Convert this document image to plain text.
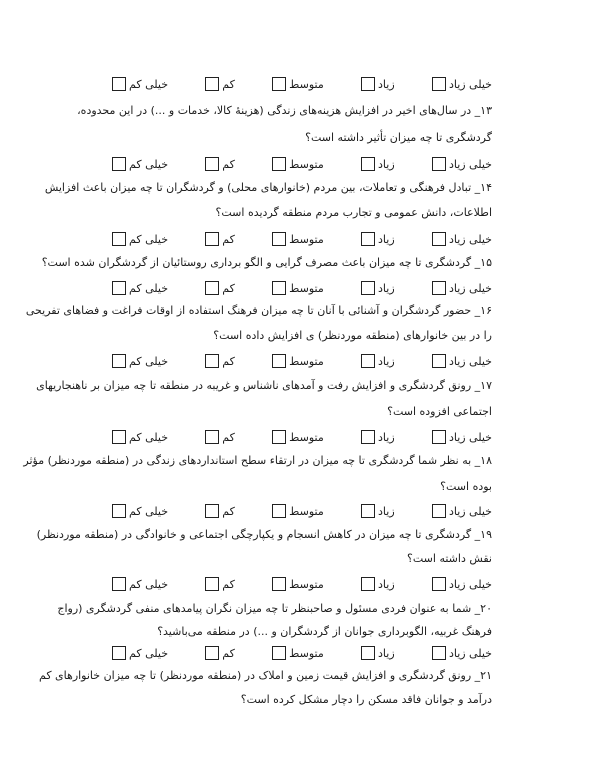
خیلی زیاد
زیاد
متوسط
کم
خیلی کم
۱۳_ در سال‌های اخیر در افزایش هزینه‌های زندگی (هزینهٔ کالا، خدمات و ...) در این محدوده،
گردشگری تا چه میزان تأثیر داشته است؟
خیلی زیاد
زیاد
متوسط
کم
خیلی کم
۱۴_ تبادل فرهنگی و تعاملات، بین مردم (خانوارهای محلی) و گردشگران تا چه میزان باعث افزایش
اطلاعات، دانش عمومی و تجارب مردم منطقه گردیده است؟
خیلی زیاد
زیاد
متوسط
کم
خیلی کم
۱۵_ گردشگری تا چه میزان باعث مصرف گرایی و الگو برداری روستائیان از گردشگران شده است؟
خیلی زیاد
زیاد
متوسط
کم
خیلی کم
۱۶_ حضور گردشگران و آشنائی با آنان تا چه میزان فرهنگ استفاده از اوقات فراغت و فضاهای تفریحی
را در بین خانوارهای (منطقه موردنظر) ی افزایش داده است؟
خیلی زیاد
زیاد
متوسط
کم
خیلی کم
۱۷_ رونق گردشگری و افزایش رفت و آمدهای ناشناس و غریبه در منطقه تا چه میزان بر ناهنجاریهای
اجتماعی افزوده است؟
خیلی زیاد
زیاد
متوسط
کم
خیلی کم
۱۸_ به نظر شما گردشگری تا چه میزان در ارتقاء سطح استانداردهای زندگی در (منطقه موردنظر) مؤثر
بوده است؟
خیلی زیاد
زیاد
متوسط
کم
خیلی کم
۱۹_ گردشگری تا چه میزان در کاهش انسجام و یکپارچگی اجتماعی و خانوادگی در (منطقه موردنظر)
نقش داشته است؟
خیلی زیاد
زیاد
متوسط
کم
خیلی کم
۲۰_ شما به عنوان فردی مسئول و صاحبنظر تا چه میزان نگران پیامدهای منفی گردشگری (رواج
فرهنگ غربیه، الگوبرداری جوانان از گردشگران و ...) در منطقه می‌باشید؟
خیلی زیاد
زیاد
متوسط
کم
خیلی کم
۲۱_ رونق گردشگری و افزایش قیمت زمین و املاک در (منطقه موردنظر) تا چه میزان خانوارهای کم
درآمد و جوانان فاقد مسکن را دچار مشکل کرده است؟
